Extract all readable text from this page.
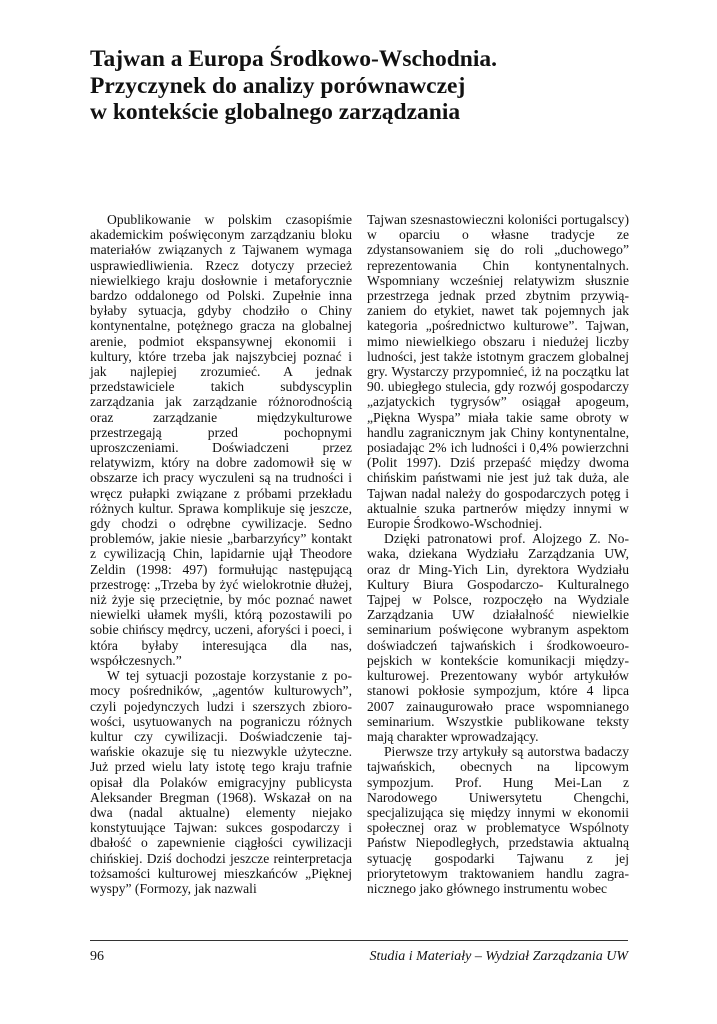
Tajwan a Europa Środkowo-Wschodnia.
Przyczynek do analizy porównawczej
w kontekście globalnego zarządzania

Opublikowanie w polskim czasopiśmie akademickim poświęconym zarządzaniu bloku materiałów związanych z Tajwanem wymaga usprawiedliwienia. Rzecz dotyczy przecież niewielkiego kraju dosłownie i metaforycznie bardzo oddalonego od Polski. Zupełnie inna byłaby sytuacja, gdyby chodziło o Chiny kontynentalne, potężnego gracza na globalnej arenie, podmiot ekspansywnej ekonomii i kultury, które trzeba jak najszybciej poznać i jak najlepiej zrozumieć. A jednak przedstawiciele takich subdyscyplin zarządzania jak zarządzanie różnorodnością oraz zarządzanie międzykulturowe przestrzegają przed pochopnymi uproszczeniami. Doświadczeni przez relatywizm, który na dobre zadomowił się w obszarze ich pracy wyczuleni są na trudności i wręcz pułapki związane z próbami przekładu różnych kultur. Sprawa komplikuje się jeszcze, gdy chodzi o odrębne cywilizacje. Sedno problemów, jakie niesie „barbarzyńcy” kontakt z cywilizacją Chin, lapidarnie ujął Theodore Zeldin (1998: 497) formułując następującą przestrogę: „Trzeba by żyć wielokrotnie dłużej, niż żyje się przeciętnie, by móc poznać nawet niewielki ułamek myśli, którą pozostawili po sobie chińscy mędrcy, uczeni, aforyści i poeci, i która byłaby interesująca dla nas, współczesnych.”

W tej sytuacji pozostaje korzystanie z pomocy pośredników, „agentów kulturowych”, czyli pojedynczych ludzi i szerszych zbiorowości, usytuowanych na pograniczu różnych kultur czy cywilizacji. Doświadczenie tajwańskie okazuje się tu niezwykle użyteczne. Już przed wielu laty istotę tego kraju trafnie opisał dla Polaków emigracyjny publicysta Aleksander Bregman (1968). Wskazał on na dwa (nadal aktualne) elementy niejako konstytuujące Tajwan: sukces gospodarczy i dbałość o zapewnienie ciągłości cywilizacji chińskiej. Dziś dochodzi jeszcze reinterpretacja tożsamości kulturowej mieszkańców „Pięknej wyspy” (Formozy, jak nazwali

Tajwan szesnastowieczni koloniści portugalscy) w oparciu o własne tradycje ze zdystansowaniem się do roli „duchowego” reprezentowania Chin kontynentalnych. Wspomniany wcześniej relatywizm słusznie przestrzega jednak przed zbytnim przywiązaniem do etykiet, nawet tak pojemnych jak kategoria „pośrednictwo kulturowe”. Tajwan, mimo niewielkiego obszaru i niedużej liczby ludności, jest także istotnym graczem globalnej gry. Wystarczy przypomnieć, iż na początku lat 90. ubiegłego stulecia, gdy rozwój gospodarczy „azjatyckich tygrysów” osiągał apogeum, „Piękna Wyspa” miała takie same obroty w handlu zagranicznym jak Chiny kontynentalne, posiadając 2% ich ludności i 0,4% powierzchni (Polit 1997). Dziś przepaść między dwoma chińskim państwami nie jest już tak duża, ale Tajwan nadal należy do gospodarczych potęg i aktualnie szuka partnerów między innymi w Europie Środkowo-Wschodniej.

Dzięki patronatowi prof. Alojzego Z. Nowaka, dziekana Wydziału Zarządzania UW, oraz dr Ming-Yich Lin, dyrektora Wydziału Kultury Biura Gospodarczo- Kulturalnego Tajpej w Polsce, rozpoczęło na Wydziale Zarządzania UW działalność niewielkie seminarium poświęcone wybranym aspektom doświadczeń tajwańskich i środkowoeuropejskich w kontekście komunikacji międzykulturowej. Prezentowany wybór artykułów stanowi pokłosie sympozjum, które 4 lipca 2007 zainaugurowało prace wspomnianego seminarium. Wszystkie publikowane teksty mają charakter wprowadzający.

Pierwsze trzy artykuły są autorstwa badaczy tajwańskich, obecnych na lipcowym sympozjum. Prof. Hung Mei-Lan z Narodowego Uniwersytetu Chengchi, specjalizująca się między innymi w ekonomii społecznej oraz w problematyce Wspólnoty Państw Niepodległych, przedstawia aktualną sytuację gospodarki Tajwanu z jej priorytetowym traktowaniem handlu zagranicznego jako głównego instrumentu wobec

96	Studia i Materiały – Wydział Zarządzania UW
